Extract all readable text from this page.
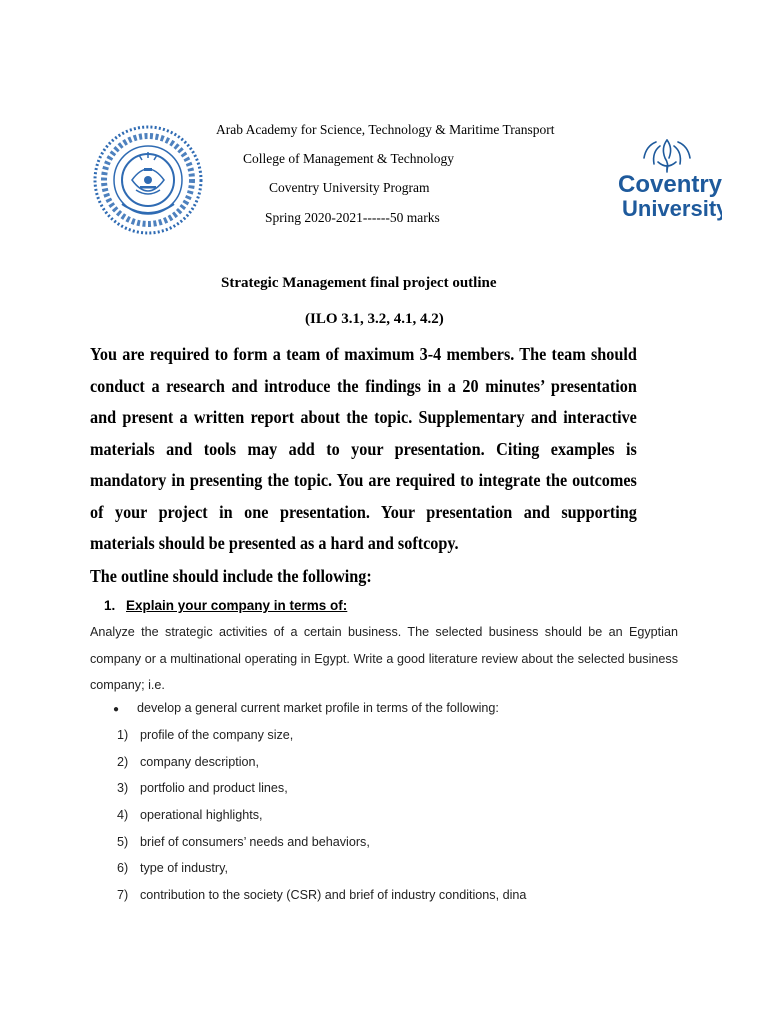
Arab Academy for Science, Technology & Maritime Transport
College of Management & Technology
Coventry University Program
Spring 2020-2021------50 marks
Coventry
University
Strategic Management final project outline
(ILO 3.1, 3.2, 4.1, 4.2)

You are required to form a team of maximum 3-4 members. The team should conduct a research and introduce the findings in a 20 minutes’ presentation and present a written report about the topic. Supplementary and interactive materials and tools may add to your presentation. Citing examples is mandatory in presenting the topic. You are required to integrate the outcomes of your project in one presentation. Your presentation and supporting materials should be presented as a hard and softcopy.

The outline should include the following:
1. Explain your company in terms of:

Analyze the strategic activities of a certain business. The selected business should be an Egyptian company or a multinational operating in Egypt. Write a good literature review about the selected business company; i.e.

● develop a general current market profile in terms of the following:
1) profile of the company size,
2) company description,
3) portfolio and product lines,
4) operational highlights,
5) brief of consumers’ needs and behaviors,
6) type of industry,
7) contribution to the society (CSR) and brief of industry conditions, dina
